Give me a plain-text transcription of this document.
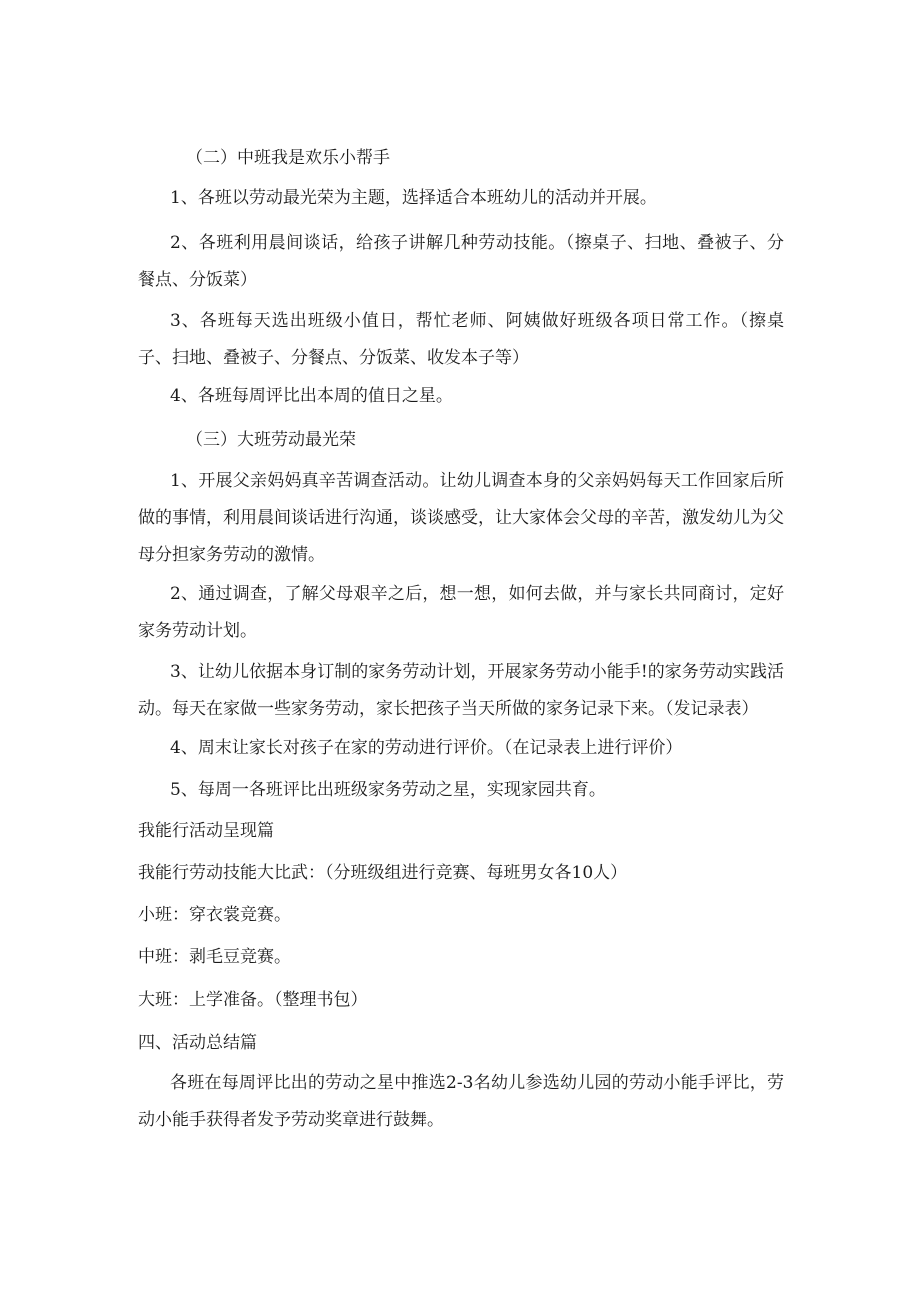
（二）中班我是欢乐小帮手
1、各班以劳动最光荣为主题，选择适合本班幼儿的活动并开展。
2、各班利用晨间谈话，给孩子讲解几种劳动技能。（擦桌子、扫地、叠被子、分餐点、分饭菜）
3、各班每天选出班级小值日，帮忙老师、阿姨做好班级各项日常工作。（擦桌子、扫地、叠被子、分餐点、分饭菜、收发本子等）
4、各班每周评比出本周的值日之星。
（三）大班劳动最光荣
1、开展父亲妈妈真辛苦调查活动。让幼儿调查本身的父亲妈妈每天工作回家后所做的事情，利用晨间谈话进行沟通，谈谈感受，让大家体会父母的辛苦，激发幼儿为父母分担家务劳动的激情。
2、通过调查，了解父母艰辛之后，想一想，如何去做，并与家长共同商讨，定好家务劳动计划。
3、让幼儿依据本身订制的家务劳动计划，开展家务劳动小能手!的家务劳动实践活动。每天在家做一些家务劳动，家长把孩子当天所做的家务记录下来。（发记录表）
4、周末让家长对孩子在家的劳动进行评价。（在记录表上进行评价）
5、每周一各班评比出班级家务劳动之星，实现家园共育。
我能行活动呈现篇
我能行劳动技能大比武：（分班级组进行竞赛、每班男女各10人）
小班：穿衣裳竞赛。
中班：剥毛豆竞赛。
大班：上学准备。（整理书包）
四、活动总结篇
各班在每周评比出的劳动之星中推选2-3名幼儿参选幼儿园的劳动小能手评比，劳动小能手获得者发予劳动奖章进行鼓舞。
